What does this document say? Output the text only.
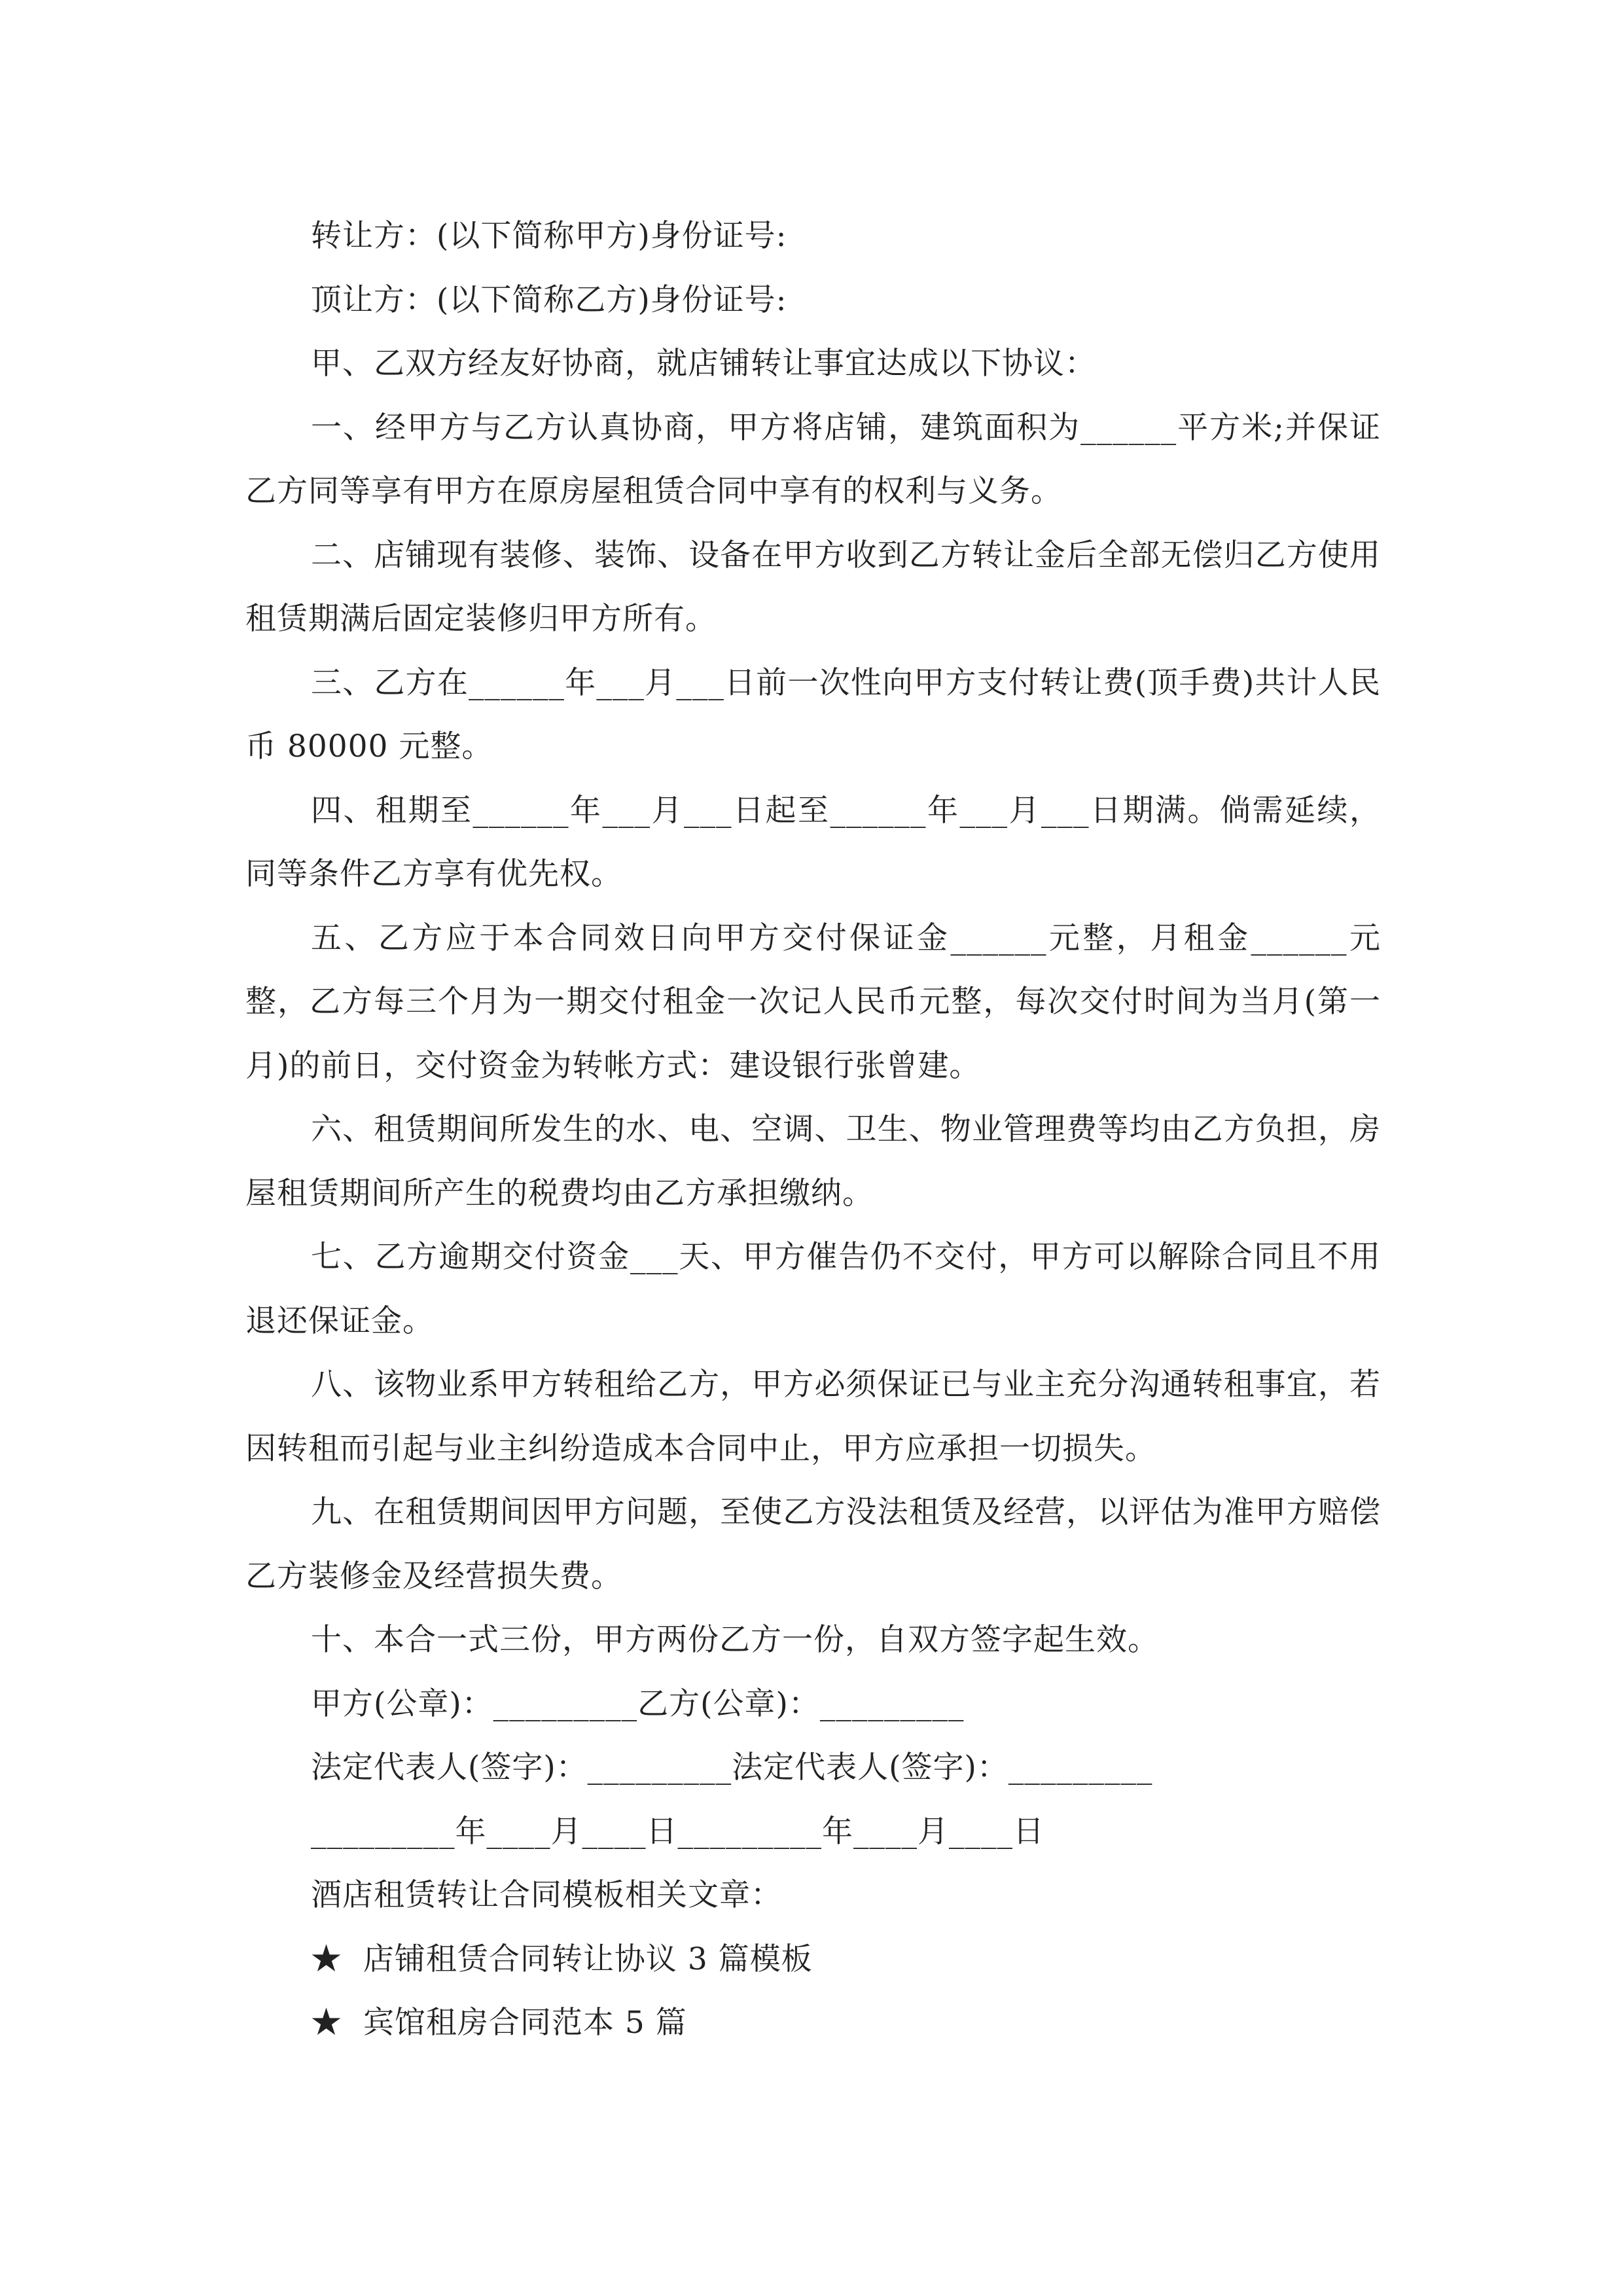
转让方：(以下简称甲方)身份证号:

顶让方：(以下简称乙方)身份证号:

甲、乙双方经友好协商，就店铺转让事宜达成以下协议：

一、经甲方与乙方认真协商，甲方将店铺，建筑面积为______平方米;并保证乙方同等享有甲方在原房屋租赁合同中享有的权利与义务。

二、店铺现有装修、装饰、设备在甲方收到乙方转让金后全部无偿归乙方使用租赁期满后固定装修归甲方所有。

三、乙方在______年___月___日前一次性向甲方支付转让费(顶手费)共计人民币 80000 元整。

四、租期至______年___月___日起至______年___月___日期满。倘需延续，同等条件乙方享有优先权。

五、乙方应于本合同效日向甲方交付保证金______元整，月租金______元整，乙方每三个月为一期交付租金一次记人民币元整，每次交付时间为当月(第一月)的前日，交付资金为转帐方式：建设银行张曾建。

六、租赁期间所发生的水、电、空调、卫生、物业管理费等均由乙方负担，房屋租赁期间所产生的税费均由乙方承担缴纳。

七、乙方逾期交付资金___天、甲方催告仍不交付，甲方可以解除合同且不用退还保证金。

八、该物业系甲方转租给乙方，甲方必须保证已与业主充分沟通转租事宜，若因转租而引起与业主纠纷造成本合同中止，甲方应承担一切损失。

九、在租赁期间因甲方问题，至使乙方没法租赁及经营，以评估为准甲方赔偿乙方装修金及经营损失费。

十、本合一式三份，甲方两份乙方一份，自双方签字起生效。

甲方(公章)：_________乙方(公章)：_________

法定代表人(签字)：_________法定代表人(签字)：_________

_________年____月____日_________年____月____日

酒店租赁转让合同模板相关文章：

★  店铺租赁合同转让协议 3 篇模板

★  宾馆租房合同范本 5 篇
